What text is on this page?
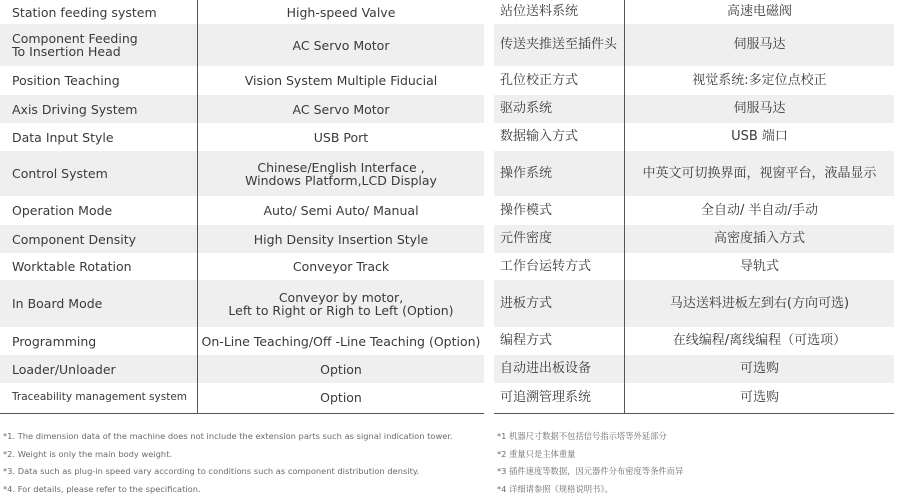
Station feeding system	High-speed Valve
Component Feeding
To Insertion Head	AC Servo Motor
Position Teaching	Vision System Multiple Fiducial
Axis Driving System	AC Servo Motor
Data Input Style	USB Port
Control System	Chinese/English Interface ,
Windows Platform,LCD Display
Operation Mode	Auto/ Semi Auto/ Manual
Component Density	High Density Insertion Style
Worktable Rotation	Conveyor Track
In Board Mode	Conveyor by motor,
Left to Right or Righ to Left (Option)
Programming	On-Line Teaching/Off -Line Teaching (Option)
Loader/Unloader	Option
Traceability management system	Option
站位送料系统	高速电磁阀
传送夹推送至插件头	伺服马达
孔位校正方式	视觉系统:多定位点校正
驱动系统	伺服马达
数据输入方式	USB 端口
操作系统	中英文可切换界面，视窗平台，液晶显示
操作模式	全自动/ 半自动/手动
元件密度	高密度插入方式
工作台运转方式	导轨式
进板方式	马达送料进板左到右(方向可选)
编程方式	在线编程/离线编程（可选项）
自动进出板设备	可选购
可追溯管理系统	可选购
*1. The dimension data of the machine does not include the extension parts such as signal indication tower.
*2. Weight is only the main body weight.
*3. Data such as plug-in speed vary according to conditions such as component distribution density.
*4. For details, please refer to the specification.
*1 机器尺寸数据不包括信号指示塔等外延部分
*2 重量只是主体重量
*3 插件速度等数据，因元器件分布密度等条件而异
*4 详细请参照《规格说明书》。
